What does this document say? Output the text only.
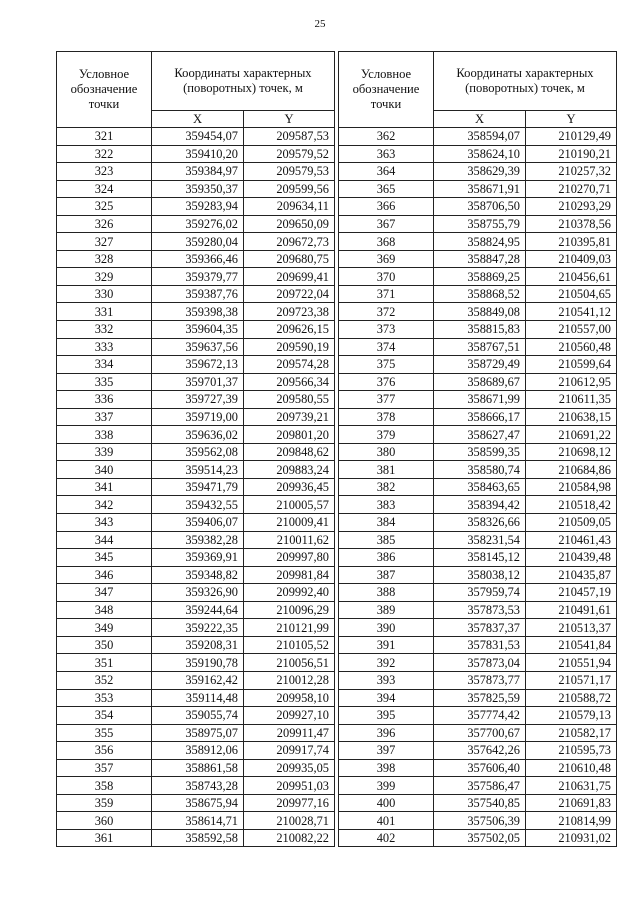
25
Условное обозначение точки	Координаты характерных (поворотных) точек, м	
	X	Y
321	359454,07	209587,53
322	359410,20	209579,52
323	359384,97	209579,53
324	359350,37	209599,56
325	359283,94	209634,11
326	359276,02	209650,09
327	359280,04	209672,73
328	359366,46	209680,75
329	359379,77	209699,41
330	359387,76	209722,04
331	359398,38	209723,38
332	359604,35	209626,15
333	359637,56	209590,19
334	359672,13	209574,28
335	359701,37	209566,34
336	359727,39	209580,55
337	359719,00	209739,21
338	359636,02	209801,20
339	359562,08	209848,62
340	359514,23	209883,24
341	359471,79	209936,45
342	359432,55	210005,57
343	359406,07	210009,41
344	359382,28	210011,62
345	359369,91	209997,80
346	359348,82	209981,84
347	359326,90	209992,40
348	359244,64	210096,29
349	359222,35	210121,99
350	359208,31	210105,52
351	359190,78	210056,51
352	359162,42	210012,28
353	359114,48	209958,10
354	359055,74	209927,10
355	358975,07	209911,47
356	358912,06	209917,74
357	358861,58	209935,05
358	358743,28	209951,03
359	358675,94	209977,16
360	358614,71	210028,71
361	358592,58	210082,22
Условное обозначение точки	Координаты характерных (поворотных) точек, м	
	X	Y
362	358594,07	210129,49
363	358624,10	210190,21
364	358629,39	210257,32
365	358671,91	210270,71
366	358706,50	210293,29
367	358755,79	210378,56
368	358824,95	210395,81
369	358847,28	210409,03
370	358869,25	210456,61
371	358868,52	210504,65
372	358849,08	210541,12
373	358815,83	210557,00
374	358767,51	210560,48
375	358729,49	210599,64
376	358689,67	210612,95
377	358671,99	210611,35
378	358666,17	210638,15
379	358627,47	210691,22
380	358599,35	210698,12
381	358580,74	210684,86
382	358463,65	210584,98
383	358394,42	210518,42
384	358326,66	210509,05
385	358231,54	210461,43
386	358145,12	210439,48
387	358038,12	210435,87
388	357959,74	210457,19
389	357873,53	210491,61
390	357837,37	210513,37
391	357831,53	210541,84
392	357873,04	210551,94
393	357873,77	210571,17
394	357825,59	210588,72
395	357774,42	210579,13
396	357700,67	210582,17
397	357642,26	210595,73
398	357606,40	210610,48
399	357586,47	210631,75
400	357540,85	210691,83
401	357506,39	210814,99
402	357502,05	210931,02
